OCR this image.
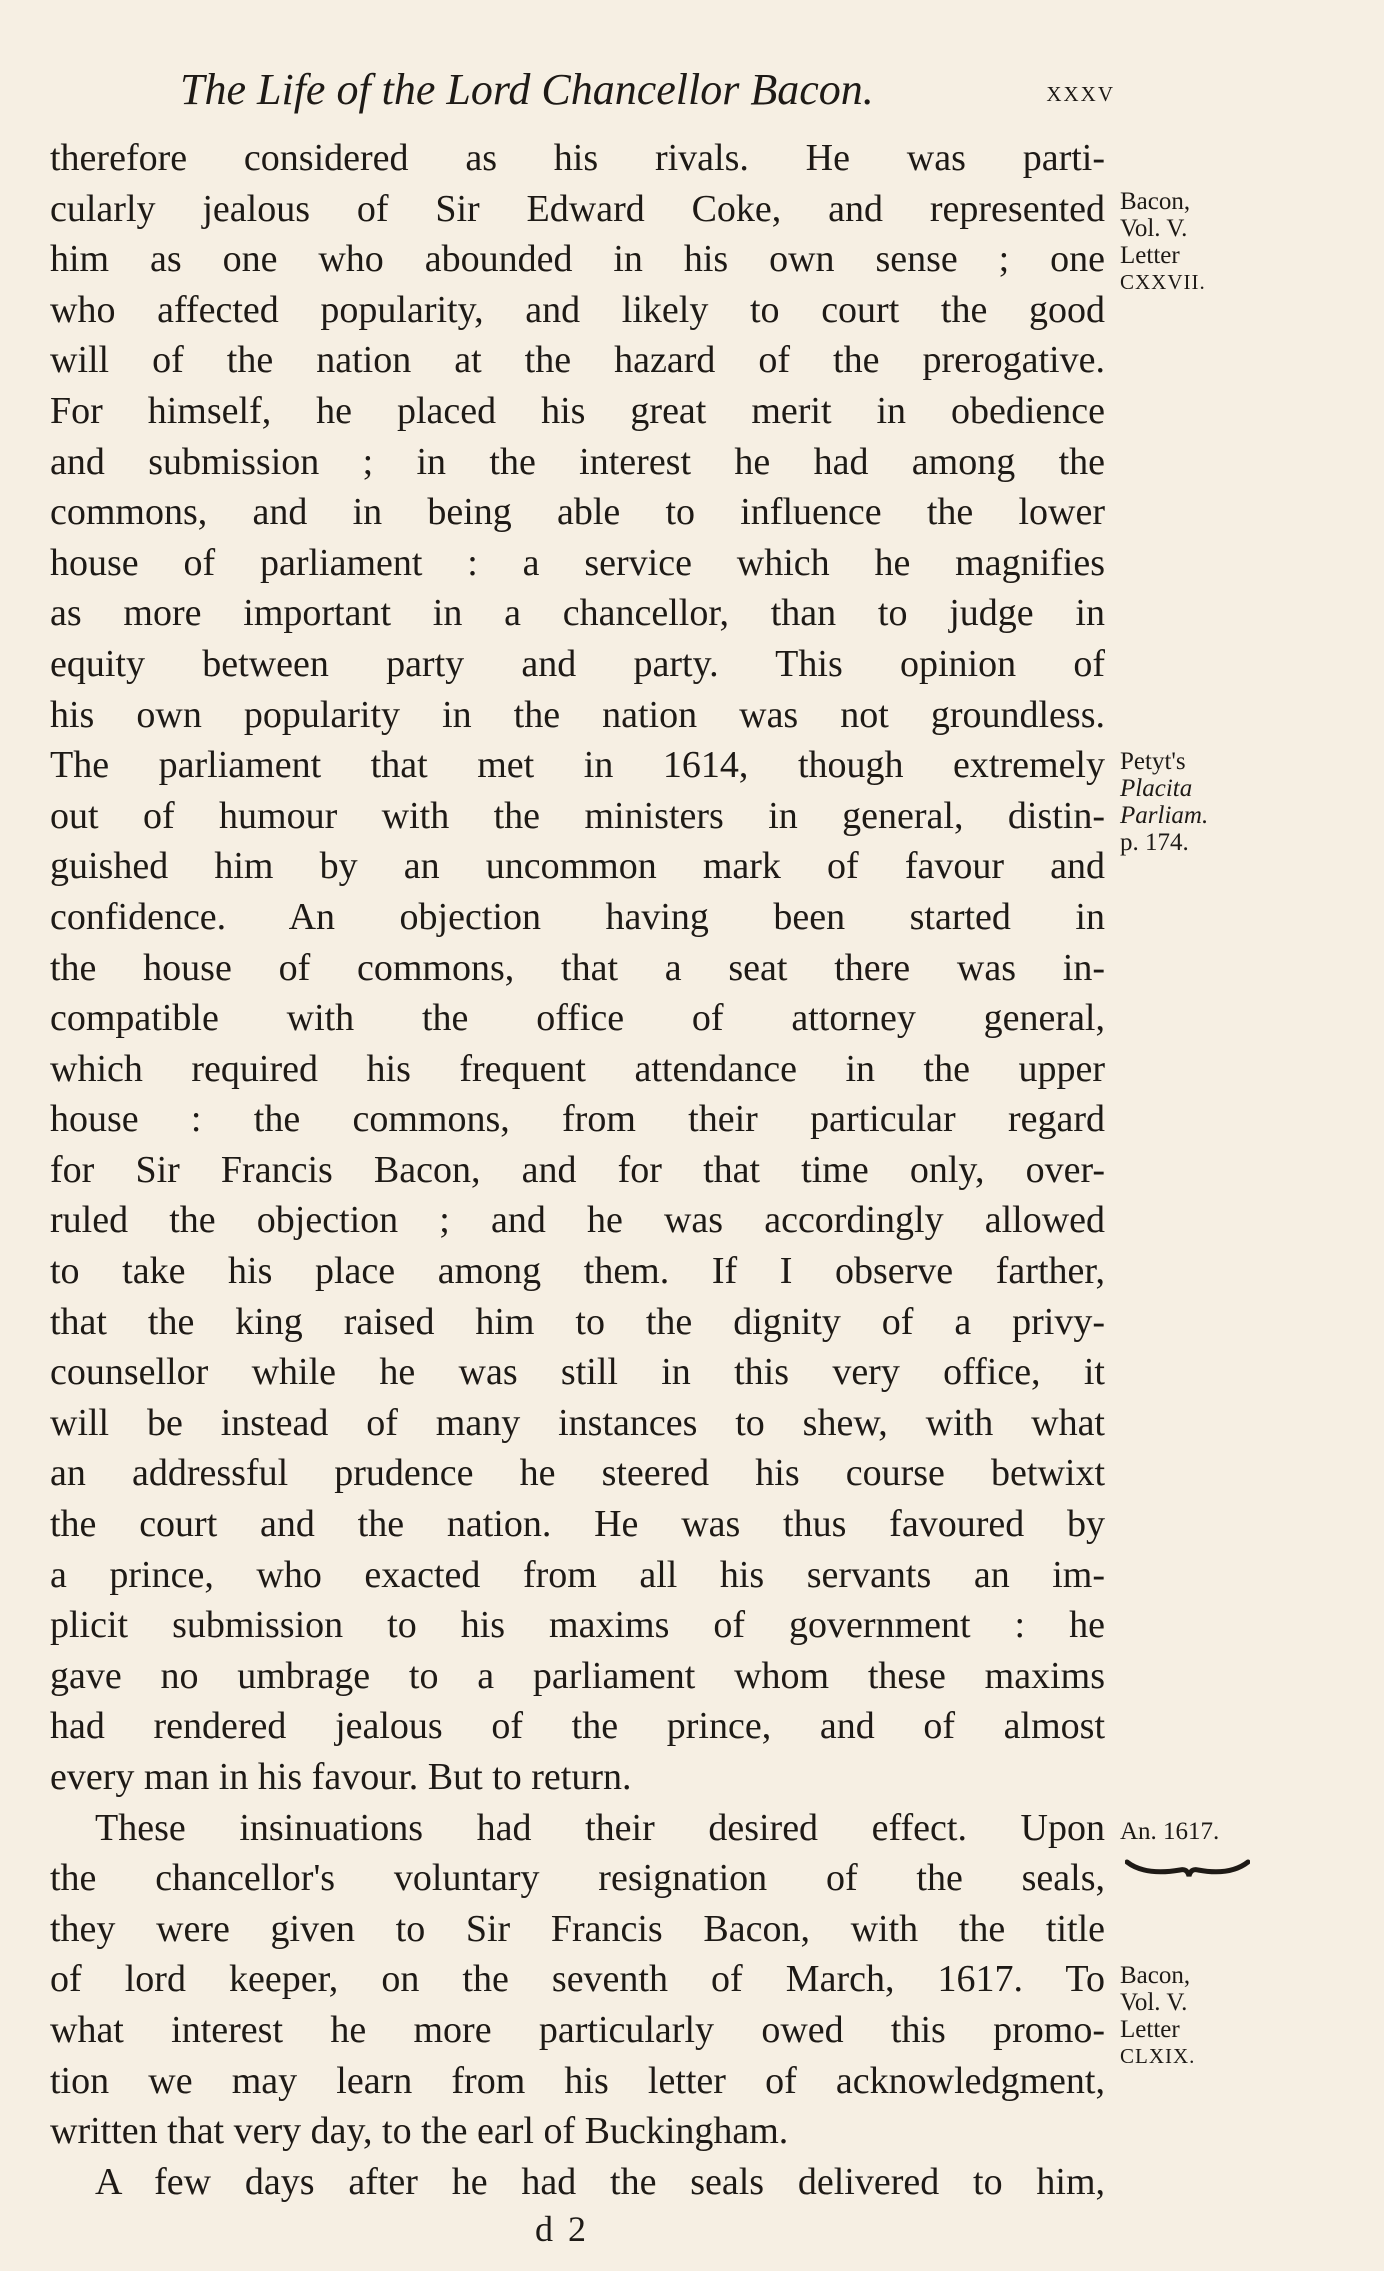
The Life of the Lord Chancellor Bacon.	xxxv
therefore considered as his rivals. He was parti-
cularly jealous of Sir Edward Coke, and represented
him as one who abounded in his own sense ; one
who affected popularity, and likely to court the good
will of the nation at the hazard of the prerogative.
For himself, he placed his great merit in obedience
and submission ; in the interest he had among the
commons, and in being able to influence the lower
house of parliament : a service which he magnifies
as more important in a chancellor, than to judge in
equity between party and party. This opinion of
his own popularity in the nation was not groundless.
The parliament that met in 1614, though extremely
out of humour with the ministers in general, distin-
guished him by an uncommon mark of favour and
confidence. An objection having been started in
the house of commons, that a seat there was in-
compatible with the office of attorney general,
which required his frequent attendance in the upper
house : the commons, from their particular regard
for Sir Francis Bacon, and for that time only, over-
ruled the objection ; and he was accordingly allowed
to take his place among them. If I observe farther,
that the king raised him to the dignity of a privy-
counsellor while he was still in this very office, it
will be instead of many instances to shew, with what
an addressful prudence he steered his course betwixt
the court and the nation. He was thus favoured by
a prince, who exacted from all his servants an im-
plicit submission to his maxims of government : he
gave no umbrage to a parliament whom these maxims
had rendered jealous of the prince, and of almost
every man in his favour. But to return.
These insinuations had their desired effect. Upon
the chancellor's voluntary resignation of the seals,
they were given to Sir Francis Bacon, with the title
of lord keeper, on the seventh of March, 1617. To
what interest he more particularly owed this promo-
tion we may learn from his letter of acknowledgment,
written that very day, to the earl of Buckingham.
A few days after he had the seals delivered to him,
Bacon,
Vol. V.
Letter
CXXVII.
Petyt's
Placita
Parliam.
p. 174.
An. 1617.
Bacon,
Vol. V.
Letter
CLXIX.
d 2
